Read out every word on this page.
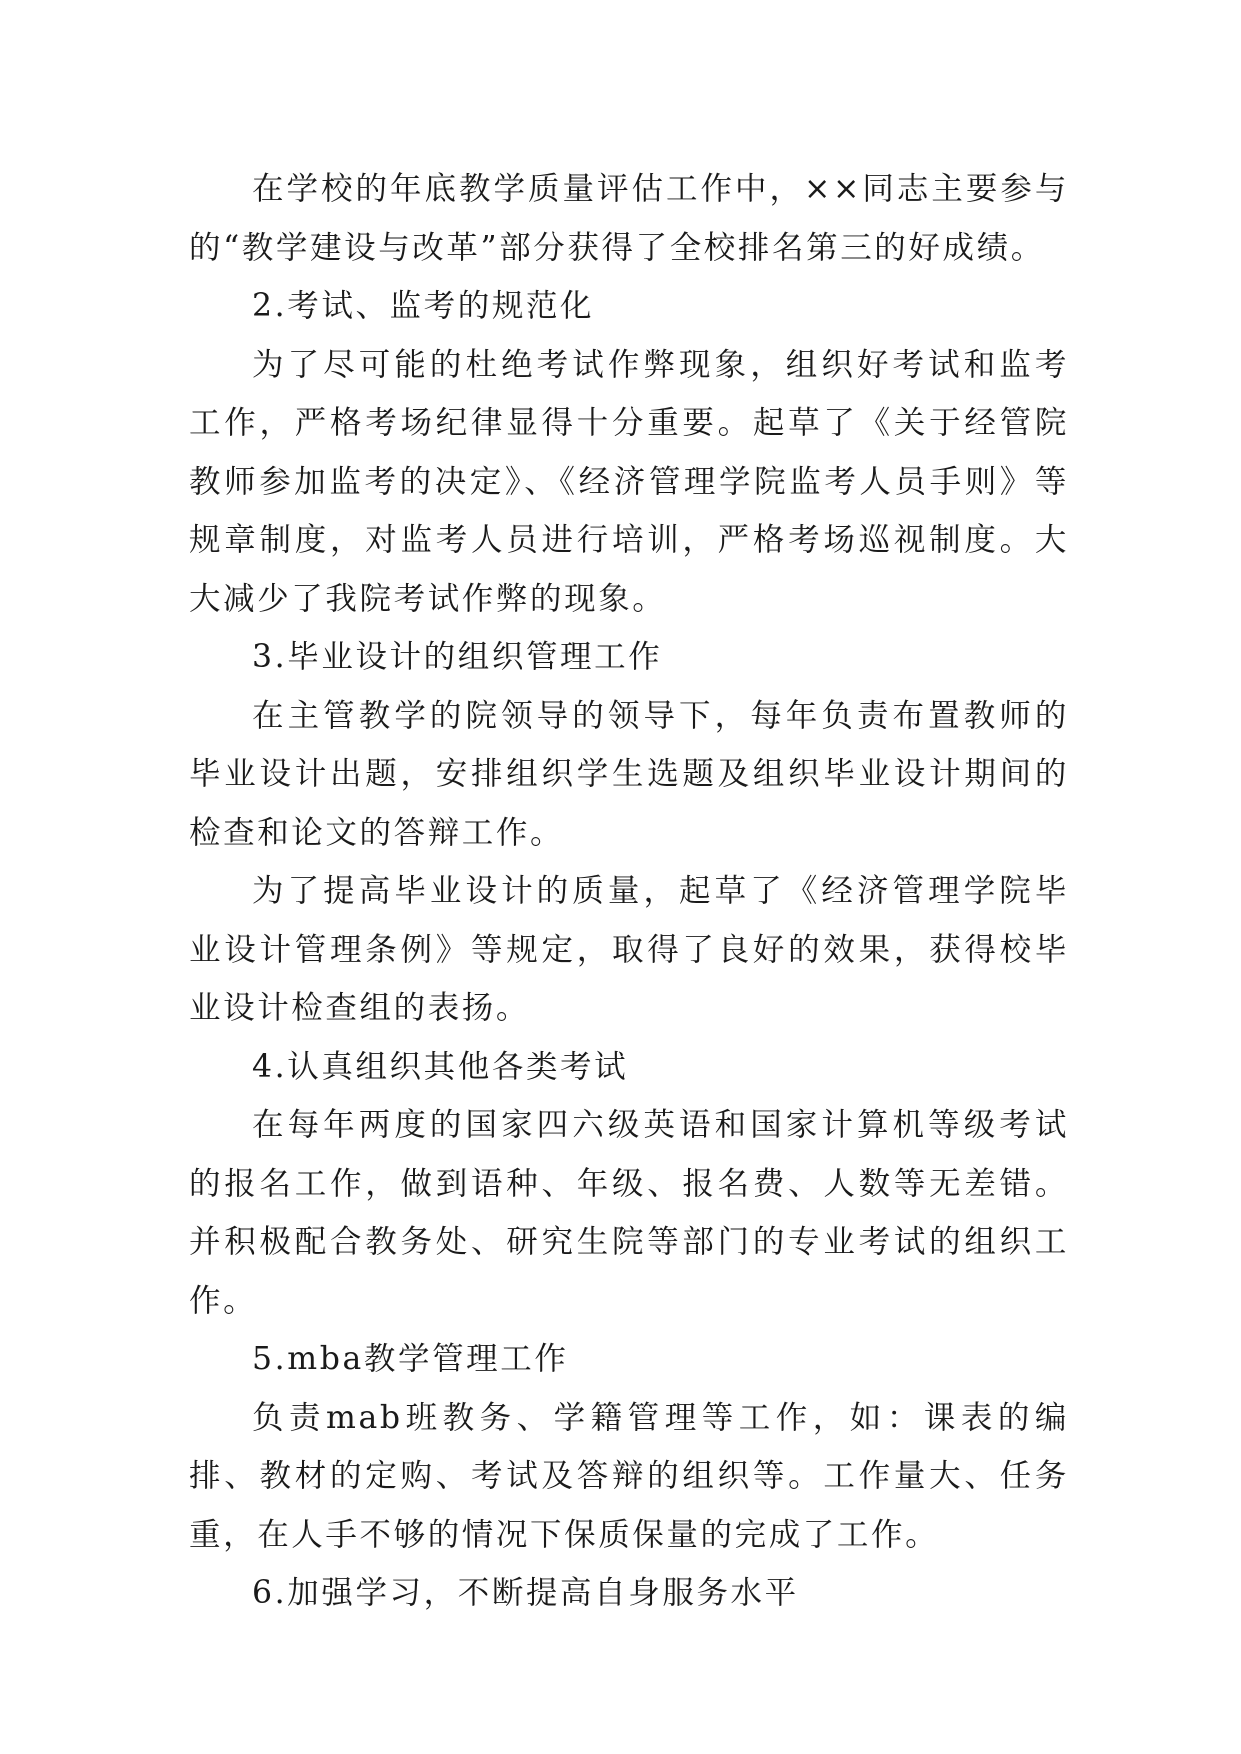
在学校的年底教学质量评估工作中，××同志主要参与的“教学建设与改革”部分获得了全校排名第三的好成绩。

2.考试、监考的规范化

为了尽可能的杜绝考试作弊现象，组织好考试和监考工作，严格考场纪律显得十分重要。起草了《关于经管院教师参加监考的决定》、《经济管理学院监考人员手则》等规章制度，对监考人员进行培训，严格考场巡视制度。大大减少了我院考试作弊的现象。

3.毕业设计的组织管理工作

在主管教学的院领导的领导下，每年负责布置教师的毕业设计出题，安排组织学生选题及组织毕业设计期间的检查和论文的答辩工作。

为了提高毕业设计的质量，起草了《经济管理学院毕业设计管理条例》等规定，取得了良好的效果，获得校毕业设计检查组的表扬。

4.认真组织其他各类考试

在每年两度的国家四六级英语和国家计算机等级考试的报名工作，做到语种、年级、报名费、人数等无差错。并积极配合教务处、研究生院等部门的专业考试的组织工作。

5.mba教学管理工作

负责mab班教务、学籍管理等工作，如：课表的编排、教材的定购、考试及答辩的组织等。工作量大、任务重，在人手不够的情况下保质保量的完成了工作。

6.加强学习，不断提高自身服务水平
